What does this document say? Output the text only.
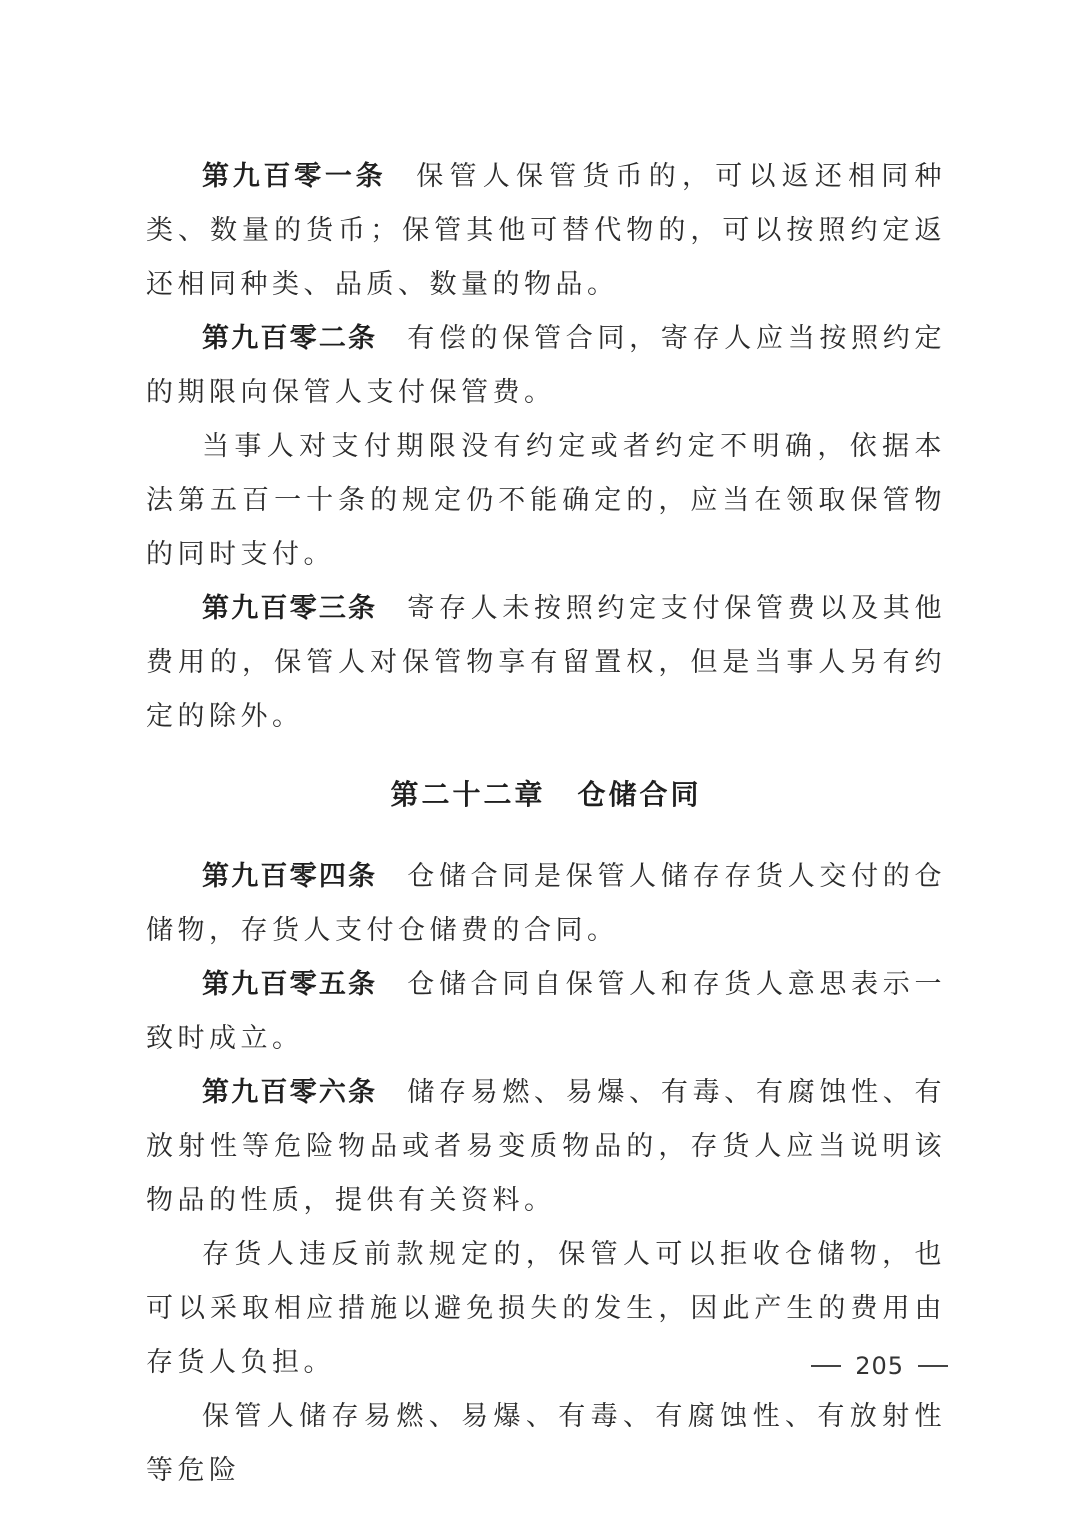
第九百零一条 保管人保管货币的，可以返还相同种类、数量的货币；保管其他可替代物的，可以按照约定返还相同种类、品质、数量的物品。

第九百零二条 有偿的保管合同，寄存人应当按照约定的期限向保管人支付保管费。

当事人对支付期限没有约定或者约定不明确，依据本法第五百一十条的规定仍不能确定的，应当在领取保管物的同时支付。

第九百零三条 寄存人未按照约定支付保管费以及其他费用的，保管人对保管物享有留置权，但是当事人另有约定的除外。

第二十二章 仓储合同

第九百零四条 仓储合同是保管人储存存货人交付的仓储物，存货人支付仓储费的合同。

第九百零五条 仓储合同自保管人和存货人意思表示一致时成立。

第九百零六条 储存易燃、易爆、有毒、有腐蚀性、有放射性等危险物品或者易变质物品的，存货人应当说明该物品的性质，提供有关资料。

存货人违反前款规定的，保管人可以拒收仓储物，也可以采取相应措施以避免损失的发生，因此产生的费用由存货人负担。

保管人储存易燃、易爆、有毒、有腐蚀性、有放射性等危险

205
